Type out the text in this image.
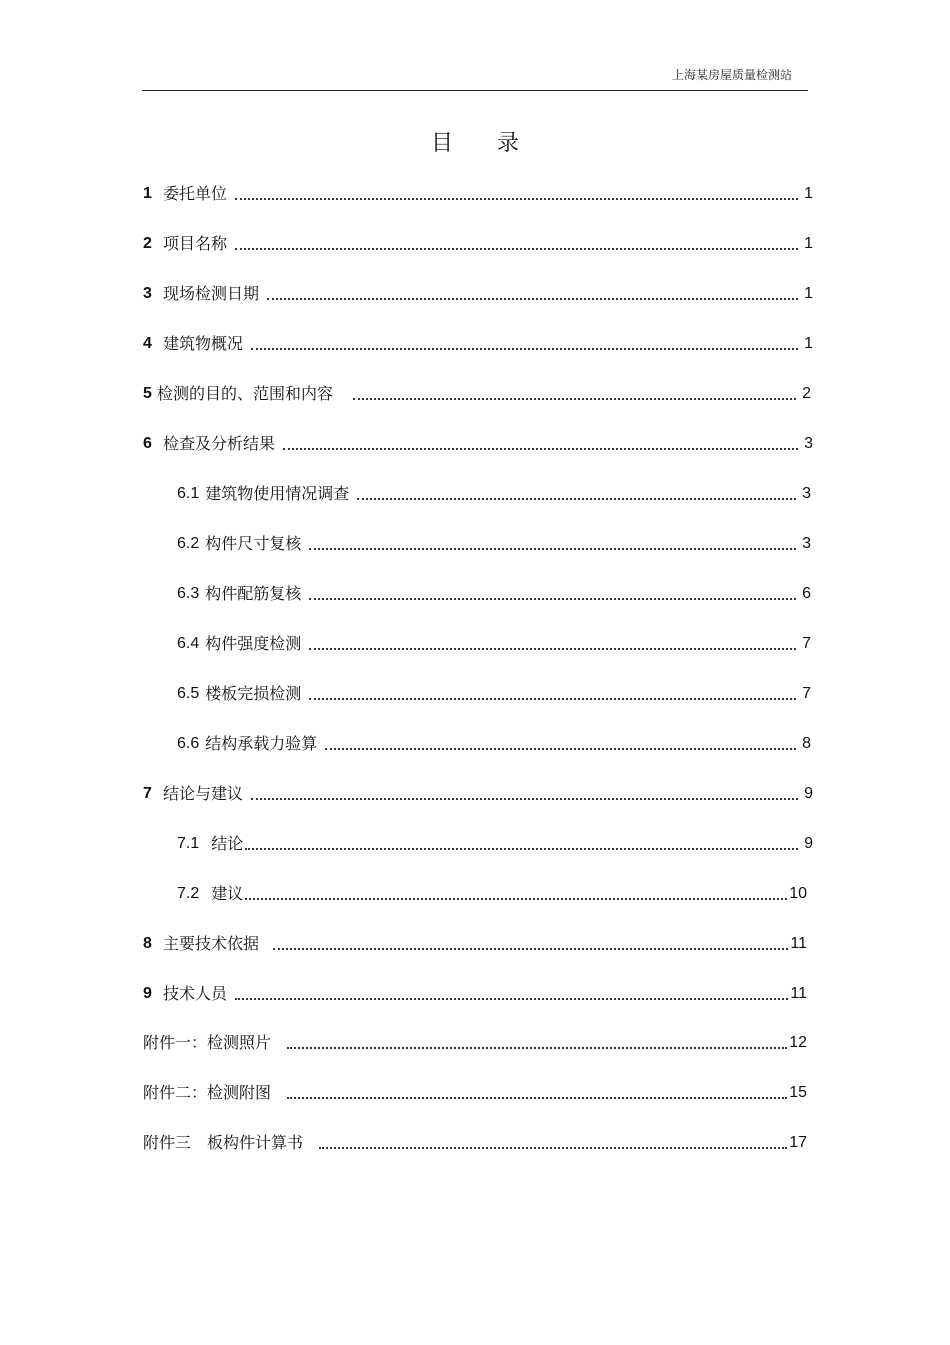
上海某房屋质量检测站
目录
1 委托单位	1
2 项目名称	1
3 现场检测日期	1
4 建筑物概况	1
5 检测的目的、范围和内容	2
6 检查及分析结果	3
6.1 建筑物使用情况调查	3
6.2 构件尺寸复核	3
6.3 构件配筋复核	6
6.4 构件强度检测	7
6.5 楼板完损检测	7
6.6 结构承载力验算	8
7 结论与建议	9
7.1 结论	9
7.2 建议	10
8 主要技术依据	11
9 技术人员	11
附件一：检测照片	12
附件二：检测附图	15
附件三　板构件计算书	17
